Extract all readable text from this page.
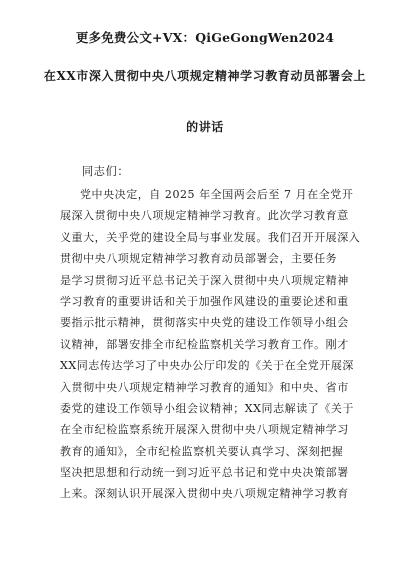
更多免费公文+VX：QiGeGongWen2024
在XX市深入贯彻中央八项规定精神学习教育动员部署会上
的讲话
同志们：
党中央决定，自 2025 年全国两会后至 7 月在全党开
展深入贯彻中央八项规定精神学习教育。此次学习教育意
义重大，关乎党的建设全局与事业发展。我们召开开展深入
贯彻中央八项规定精神学习教育动员部署会，主要任务
是学习贯彻习近平总书记关于深入贯彻中央八项规定精神
学习教育的重要讲话和关于加强作风建设的重要论述和重
要指示批示精神，贯彻落实中央党的建设工作领导小组会
议精神，部署安排全市纪检监察机关学习教育工作。刚才
XX同志传达学习了中央办公厅印发的《关于在全党开展深
入贯彻中央八项规定精神学习教育的通知》和中央、省市
委党的建设工作领导小组会议精神；XX同志解读了《关于
在全市纪检监察系统开展深入贯彻中央八项规定精神学习
教育的通知》，全市纪检监察机关要认真学习、深刻把握
坚决把思想和行动统一到习近平总书记和党中央决策部署
上来。深刻认识开展深入贯彻中央八项规定精神学习教育
